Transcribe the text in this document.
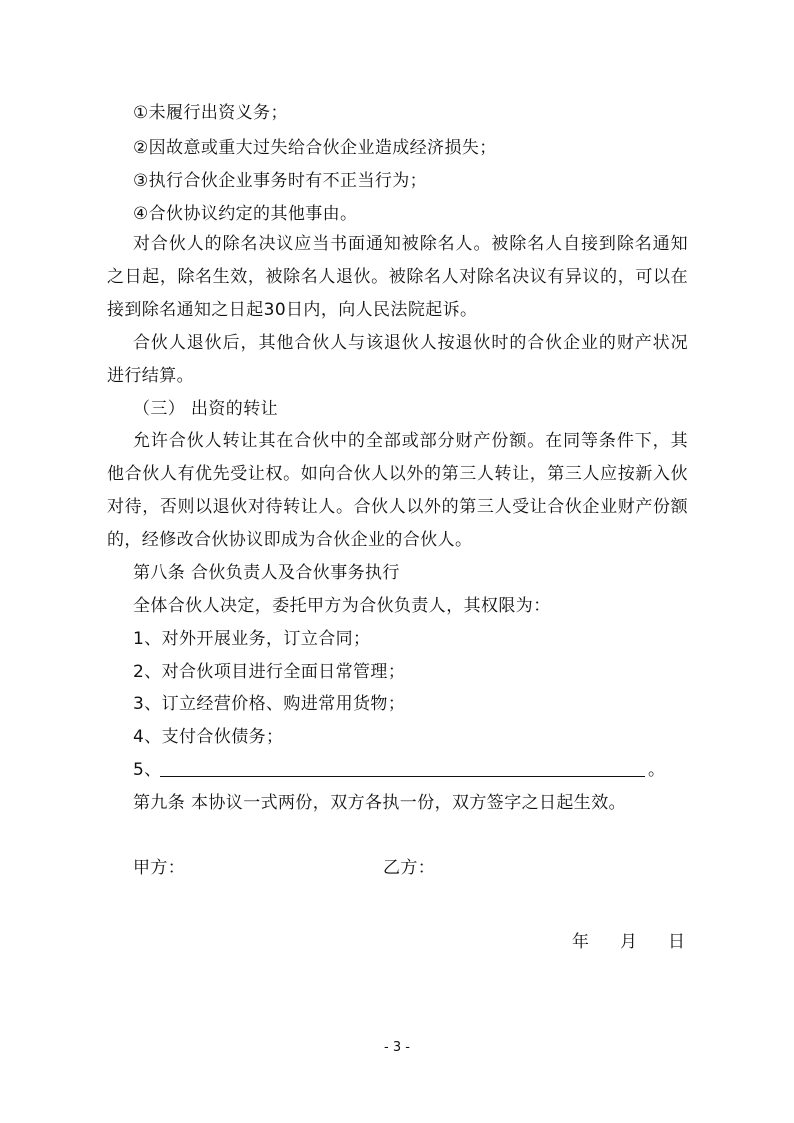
①未履行出资义务；
②因故意或重大过失给合伙企业造成经济损失；
③执行合伙企业事务时有不正当行为；
④合伙协议约定的其他事由。
对合伙人的除名决议应当书面通知被除名人。被除名人自接到除名通知
之日起，除名生效，被除名人退伙。被除名人对除名决议有异议的，可以在
接到除名通知之日起30日内，向人民法院起诉。
合伙人退伙后，其他合伙人与该退伙人按退伙时的合伙企业的财产状况
进行结算。
（三） 出资的转让
允许合伙人转让其在合伙中的全部或部分财产份额。在同等条件下，其
他合伙人有优先受让权。如向合伙人以外的第三人转让，第三人应按新入伙
对待，否则以退伙对待转让人。合伙人以外的第三人受让合伙企业财产份额
的，经修改合伙协议即成为合伙企业的合伙人。
第八条 合伙负责人及合伙事务执行
全体合伙人决定，委托甲方为合伙负责人，其权限为：
1、对外开展业务，订立合同；
2、对合伙项目进行全面日常管理；
3、订立经营价格、购进常用货物；
4、支付合伙债务；
5、	。
第九条 本协议一式两份，双方各执一份，双方签字之日起生效。
甲方：	乙方：
年 月 日
- 3 -
